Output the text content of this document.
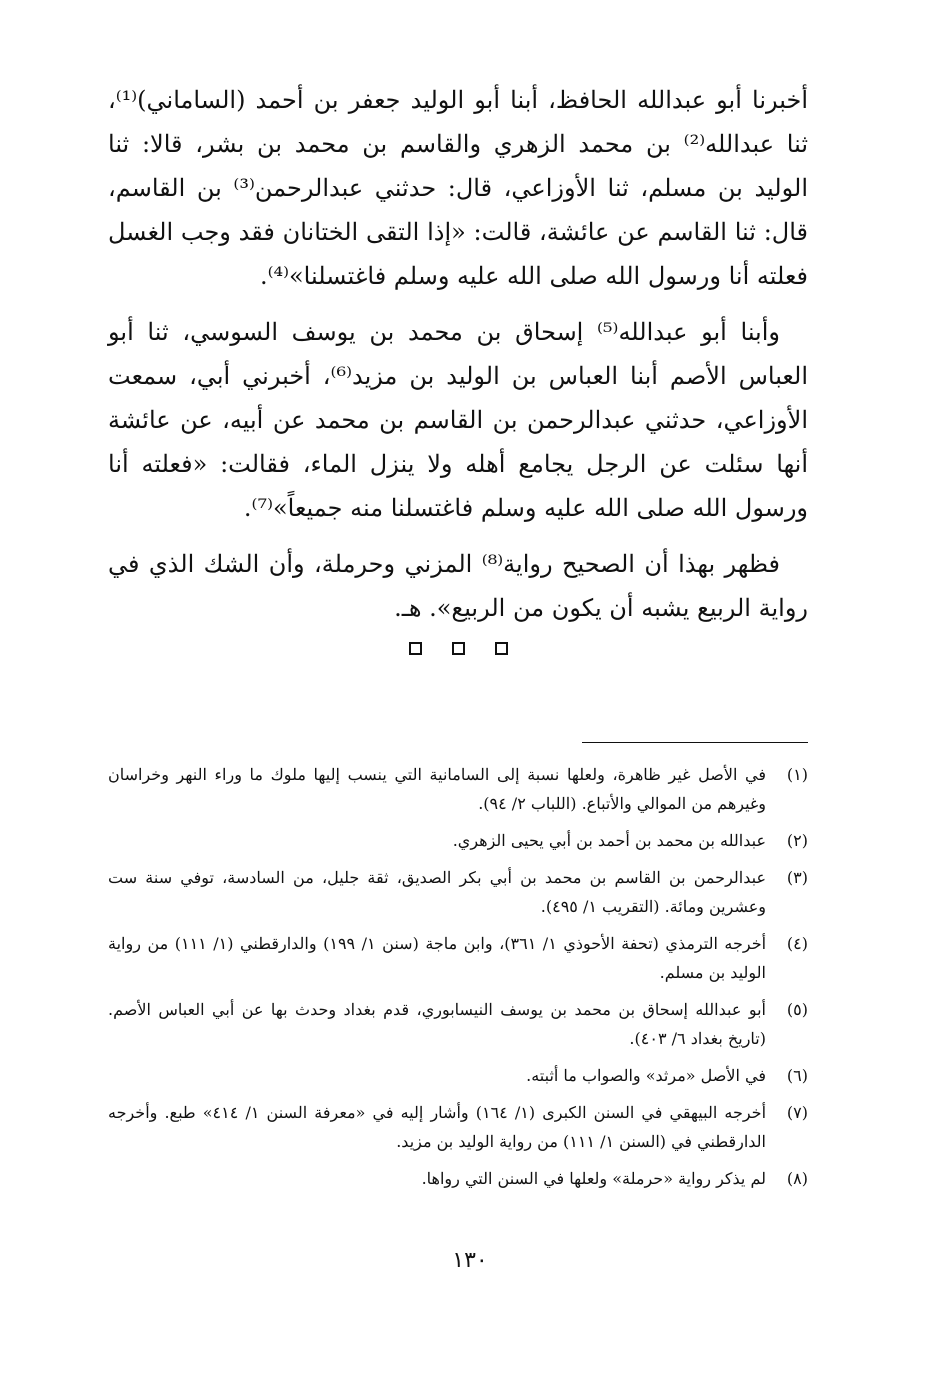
أخبرنا أبو عبدالله الحافظ، أبنا أبو الوليد جعفر بن أحمد (الساماني)⁽¹⁾، ثنا عبدالله⁽²⁾ بن محمد الزهري والقاسم بن محمد بن بشر، قالا: ثنا الوليد بن مسلم، ثنا الأوزاعي، قال: حدثني عبدالرحمن⁽³⁾ بن القاسم، قال: ثنا القاسم عن عائشة، قالت: «إذا التقى الختانان فقد وجب الغسل فعلته أنا ورسول الله صلى الله عليه وسلم فاغتسلنا»⁽⁴⁾.

وأبنا أبو عبدالله⁽⁵⁾ إسحاق بن محمد بن يوسف السوسي، ثنا أبو العباس الأصم أبنا العباس بن الوليد بن مزيد⁽⁶⁾، أخبرني أبي، سمعت الأوزاعي، حدثني عبدالرحمن بن القاسم بن محمد عن أبيه، عن عائشة أنها سئلت عن الرجل يجامع أهله ولا ينزل الماء، فقالت: «فعلته أنا ورسول الله صلى الله عليه وسلم فاغتسلنا منه جميعاً»⁽⁷⁾.

فظهر بهذا أن الصحيح رواية⁽⁸⁾ المزني وحرملة، وأن الشك الذي في رواية الربيع يشبه أن يكون من الربيع». هـ.

(١)
في الأصل غير ظاهرة، ولعلها نسبة إلى السامانية التي ينسب إليها ملوك ما وراء النهر وخراسان وغيرهم من الموالي والأتباع. (اللباب ٢/ ٩٤).
(٢)
عبدالله بن محمد بن أحمد بن أبي يحيى الزهري.
(٣)
عبدالرحمن بن القاسم بن محمد بن أبي بكر الصديق، ثقة جليل، من السادسة، توفي سنة ست وعشرين ومائة. (التقريب ١/ ٤٩٥).
(٤)
أخرجه الترمذي (تحفة الأحوذي ١/ ٣٦١)، وابن ماجة (سنن ١/ ١٩٩) والدارقطني (١/ ١١١) من رواية الوليد بن مسلم.
(٥)
أبو عبدالله إسحاق بن محمد بن يوسف النيسابوري، قدم بغداد وحدث بها عن أبي العباس الأصم. (تاريخ بغداد ٦/ ٤٠٣).
(٦)
في الأصل «مرثد» والصواب ما أثبته.
(٧)
أخرجه البيهقي في السنن الكبرى (١/ ١٦٤) وأشار إليه في «معرفة السنن ١/ ٤١٤» طبع. وأخرجه الدارقطني في (السنن ١/ ١١١) من رواية الوليد بن مزيد.
(٨)
لم يذكر رواية «حرملة» ولعلها في السنن التي رواها.
١٣٠
